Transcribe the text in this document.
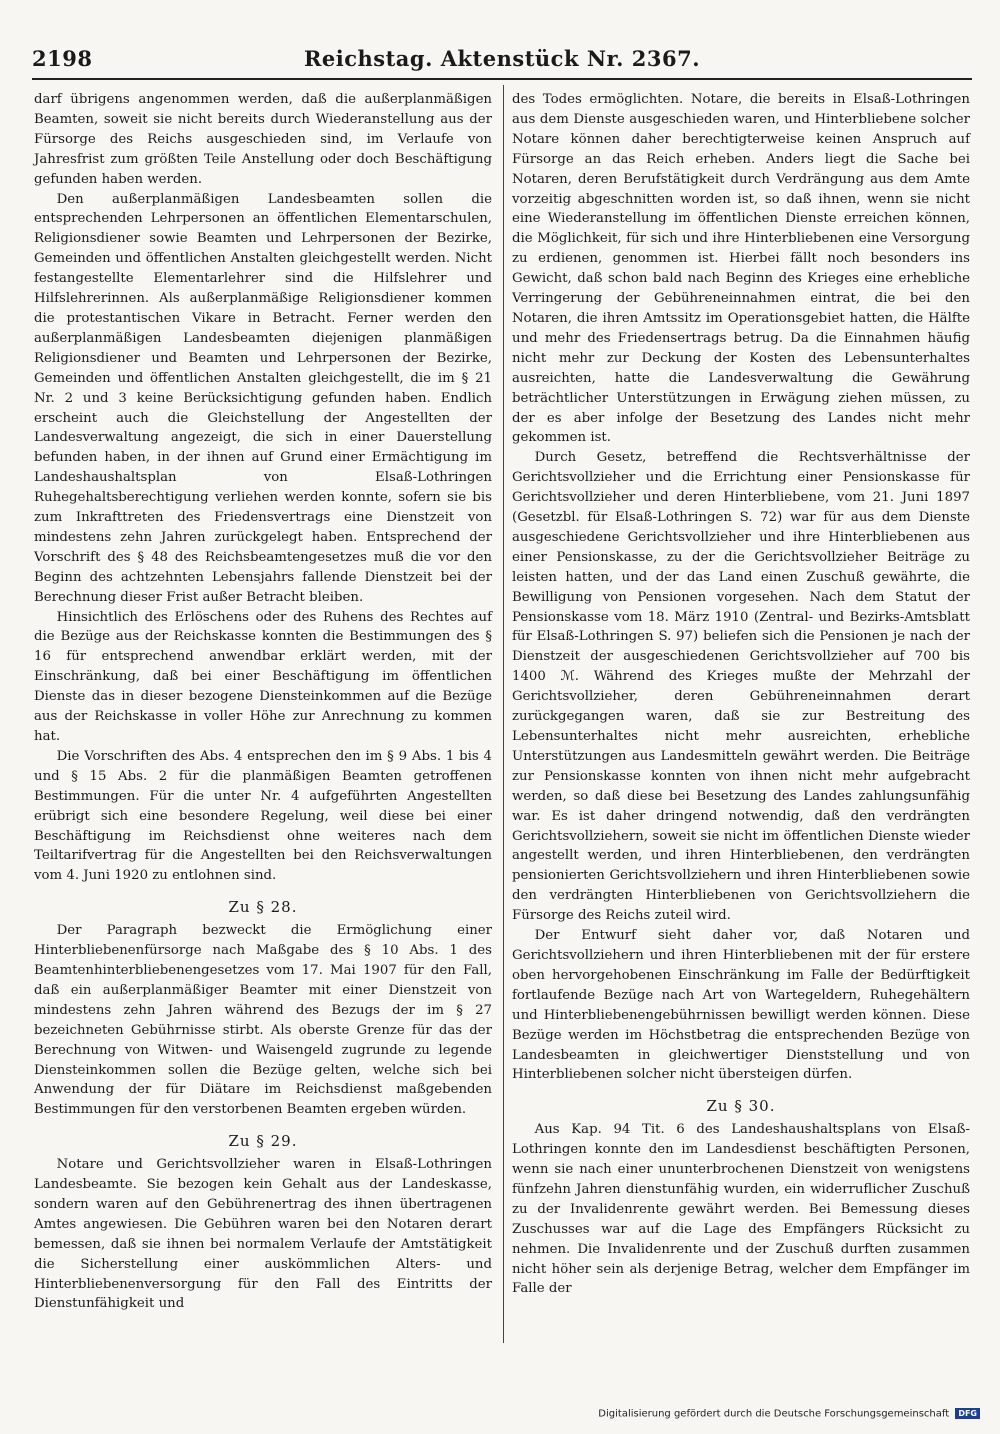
2198	Reichstag. Aktenstück Nr. 2367.

darf übrigens angenommen werden, daß die außerplanmäßigen Beamten, soweit sie nicht bereits durch Wiederanstellung aus der Fürsorge des Reichs ausgeschieden sind, im Verlaufe von Jahresfrist zum größten Teile Anstellung oder doch Beschäftigung gefunden haben werden.

Den außerplanmäßigen Landesbeamten sollen die entsprechenden Lehrpersonen an öffentlichen Elementarschulen, Religionsdiener sowie Beamten und Lehrpersonen der Bezirke, Gemeinden und öffentlichen Anstalten gleichgestellt werden. Nicht festangestellte Elementarlehrer sind die Hilfslehrer und Hilfslehrerinnen. Als außerplanmäßige Religionsdiener kommen die protestantischen Vikare in Betracht. Ferner werden den außerplanmäßigen Landesbeamten diejenigen planmäßigen Religionsdiener und Beamten und Lehrpersonen der Bezirke, Gemeinden und öffentlichen Anstalten gleichgestellt, die im § 21 Nr. 2 und 3 keine Berücksichtigung gefunden haben. Endlich erscheint auch die Gleichstellung der Angestellten der Landesverwaltung angezeigt, die sich in einer Dauerstellung befunden haben, in der ihnen auf Grund einer Ermächtigung im Landeshaushaltsplan von Elsaß-Lothringen Ruhegehaltsberechtigung verliehen werden konnte, sofern sie bis zum Inkrafttreten des Friedensvertrags eine Dienstzeit von mindestens zehn Jahren zurückgelegt haben. Entsprechend der Vorschrift des § 48 des Reichsbeamtengesetzes muß die vor den Beginn des achtzehnten Lebensjahrs fallende Dienstzeit bei der Berechnung dieser Frist außer Betracht bleiben.

Hinsichtlich des Erlöschens oder des Ruhens des Rechtes auf die Bezüge aus der Reichskasse konnten die Bestimmungen des § 16 für entsprechend anwendbar erklärt werden, mit der Einschränkung, daß bei einer Beschäftigung im öffentlichen Dienste das in dieser bezogene Diensteinkommen auf die Bezüge aus der Reichskasse in voller Höhe zur Anrechnung zu kommen hat.

Die Vorschriften des Abs. 4 entsprechen den im § 9 Abs. 1 bis 4 und § 15 Abs. 2 für die planmäßigen Beamten getroffenen Bestimmungen. Für die unter Nr. 4 aufgeführten Angestellten erübrigt sich eine besondere Regelung, weil diese bei einer Beschäftigung im Reichsdienst ohne weiteres nach dem Teiltarifvertrag für die Angestellten bei den Reichsverwaltungen vom 4. Juni 1920 zu entlohnen sind.

Zu § 28.

Der Paragraph bezweckt die Ermöglichung einer Hinterbliebenenfürsorge nach Maßgabe des § 10 Abs. 1 des Beamtenhinterbliebenengesetzes vom 17. Mai 1907 für den Fall, daß ein außerplanmäßiger Beamter mit einer Dienstzeit von mindestens zehn Jahren während des Bezugs der im § 27 bezeichneten Gebührnisse stirbt. Als oberste Grenze für das der Berechnung von Witwen- und Waisengeld zugrunde zu legende Diensteinkommen sollen die Bezüge gelten, welche sich bei Anwendung der für Diätare im Reichsdienst maßgebenden Bestimmungen für den verstorbenen Beamten ergeben würden.

Zu § 29.

Notare und Gerichtsvollzieher waren in Elsaß-Lothringen Landesbeamte. Sie bezogen kein Gehalt aus der Landeskasse, sondern waren auf den Gebührenertrag des ihnen übertragenen Amtes angewiesen. Die Gebühren waren bei den Notaren derart bemessen, daß sie ihnen bei normalem Verlaufe der Amtstätigkeit die Sicherstellung einer auskömmlichen Alters- und Hinterbliebenenversorgung für den Fall des Eintritts der Dienstunfähigkeit und

des Todes ermöglichten. Notare, die bereits in Elsaß-Lothringen aus dem Dienste ausgeschieden waren, und Hinterbliebene solcher Notare können daher berechtigterweise keinen Anspruch auf Fürsorge an das Reich erheben. Anders liegt die Sache bei Notaren, deren Berufstätigkeit durch Verdrängung aus dem Amte vorzeitig abgeschnitten worden ist, so daß ihnen, wenn sie nicht eine Wiederanstellung im öffentlichen Dienste erreichen können, die Möglichkeit, für sich und ihre Hinterbliebenen eine Versorgung zu erdienen, genommen ist. Hierbei fällt noch besonders ins Gewicht, daß schon bald nach Beginn des Krieges eine erhebliche Verringerung der Gebühreneinnahmen eintrat, die bei den Notaren, die ihren Amtssitz im Operationsgebiet hatten, die Hälfte und mehr des Friedensertrags betrug. Da die Einnahmen häufig nicht mehr zur Deckung der Kosten des Lebensunterhaltes ausreichten, hatte die Landesverwaltung die Gewährung beträchtlicher Unterstützungen in Erwägung ziehen müssen, zu der es aber infolge der Besetzung des Landes nicht mehr gekommen ist.

Durch Gesetz, betreffend die Rechtsverhältnisse der Gerichtsvollzieher und die Errichtung einer Pensionskasse für Gerichtsvollzieher und deren Hinterbliebene, vom 21. Juni 1897 (Gesetzbl. für Elsaß-Lothringen S. 72) war für aus dem Dienste ausgeschiedene Gerichtsvollzieher und ihre Hinterbliebenen aus einer Pensionskasse, zu der die Gerichtsvollzieher Beiträge zu leisten hatten, und der das Land einen Zuschuß gewährte, die Bewilligung von Pensionen vorgesehen. Nach dem Statut der Pensionskasse vom 18. März 1910 (Zentral- und Bezirks-Amtsblatt für Elsaß-Lothringen S. 97) beliefen sich die Pensionen je nach der Dienstzeit der ausgeschiedenen Gerichtsvollzieher auf 700 bis 1400 ℳ. Während des Krieges mußte der Mehrzahl der Gerichtsvollzieher, deren Gebühreneinnahmen derart zurückgegangen waren, daß sie zur Bestreitung des Lebensunterhaltes nicht mehr ausreichten, erhebliche Unterstützungen aus Landesmitteln gewährt werden. Die Beiträge zur Pensionskasse konnten von ihnen nicht mehr aufgebracht werden, so daß diese bei Besetzung des Landes zahlungsunfähig war. Es ist daher dringend notwendig, daß den verdrängten Gerichtsvollziehern, soweit sie nicht im öffentlichen Dienste wieder angestellt werden, und ihren Hinterbliebenen, den verdrängten pensionierten Gerichtsvollziehern und ihren Hinterbliebenen sowie den verdrängten Hinterbliebenen von Gerichtsvollziehern die Fürsorge des Reichs zuteil wird.

Der Entwurf sieht daher vor, daß Notaren und Gerichtsvollziehern und ihren Hinterbliebenen mit der für erstere oben hervorgehobenen Einschränkung im Falle der Bedürftigkeit fortlaufende Bezüge nach Art von Wartegeldern, Ruhegehältern und Hinterbliebenengebührnissen bewilligt werden können. Diese Bezüge werden im Höchstbetrag die entsprechenden Bezüge von Landesbeamten in gleichwertiger Dienststellung und von Hinterbliebenen solcher nicht übersteigen dürfen.

Zu § 30.

Aus Kap. 94 Tit. 6 des Landeshaushaltsplans von Elsaß-Lothringen konnte den im Landesdienst beschäftigten Personen, wenn sie nach einer ununterbrochenen Dienstzeit von wenigstens fünfzehn Jahren dienstunfähig wurden, ein widerruflicher Zuschuß zu der Invalidenrente gewährt werden. Bei Bemessung dieses Zuschusses war auf die Lage des Empfängers Rücksicht zu nehmen. Die Invalidenrente und der Zuschuß durften zusammen nicht höher sein als derjenige Betrag, welcher dem Empfänger im Falle der

Digitalisierung gefördert durch die Deutsche Forschungsgemeinschaft DFG
